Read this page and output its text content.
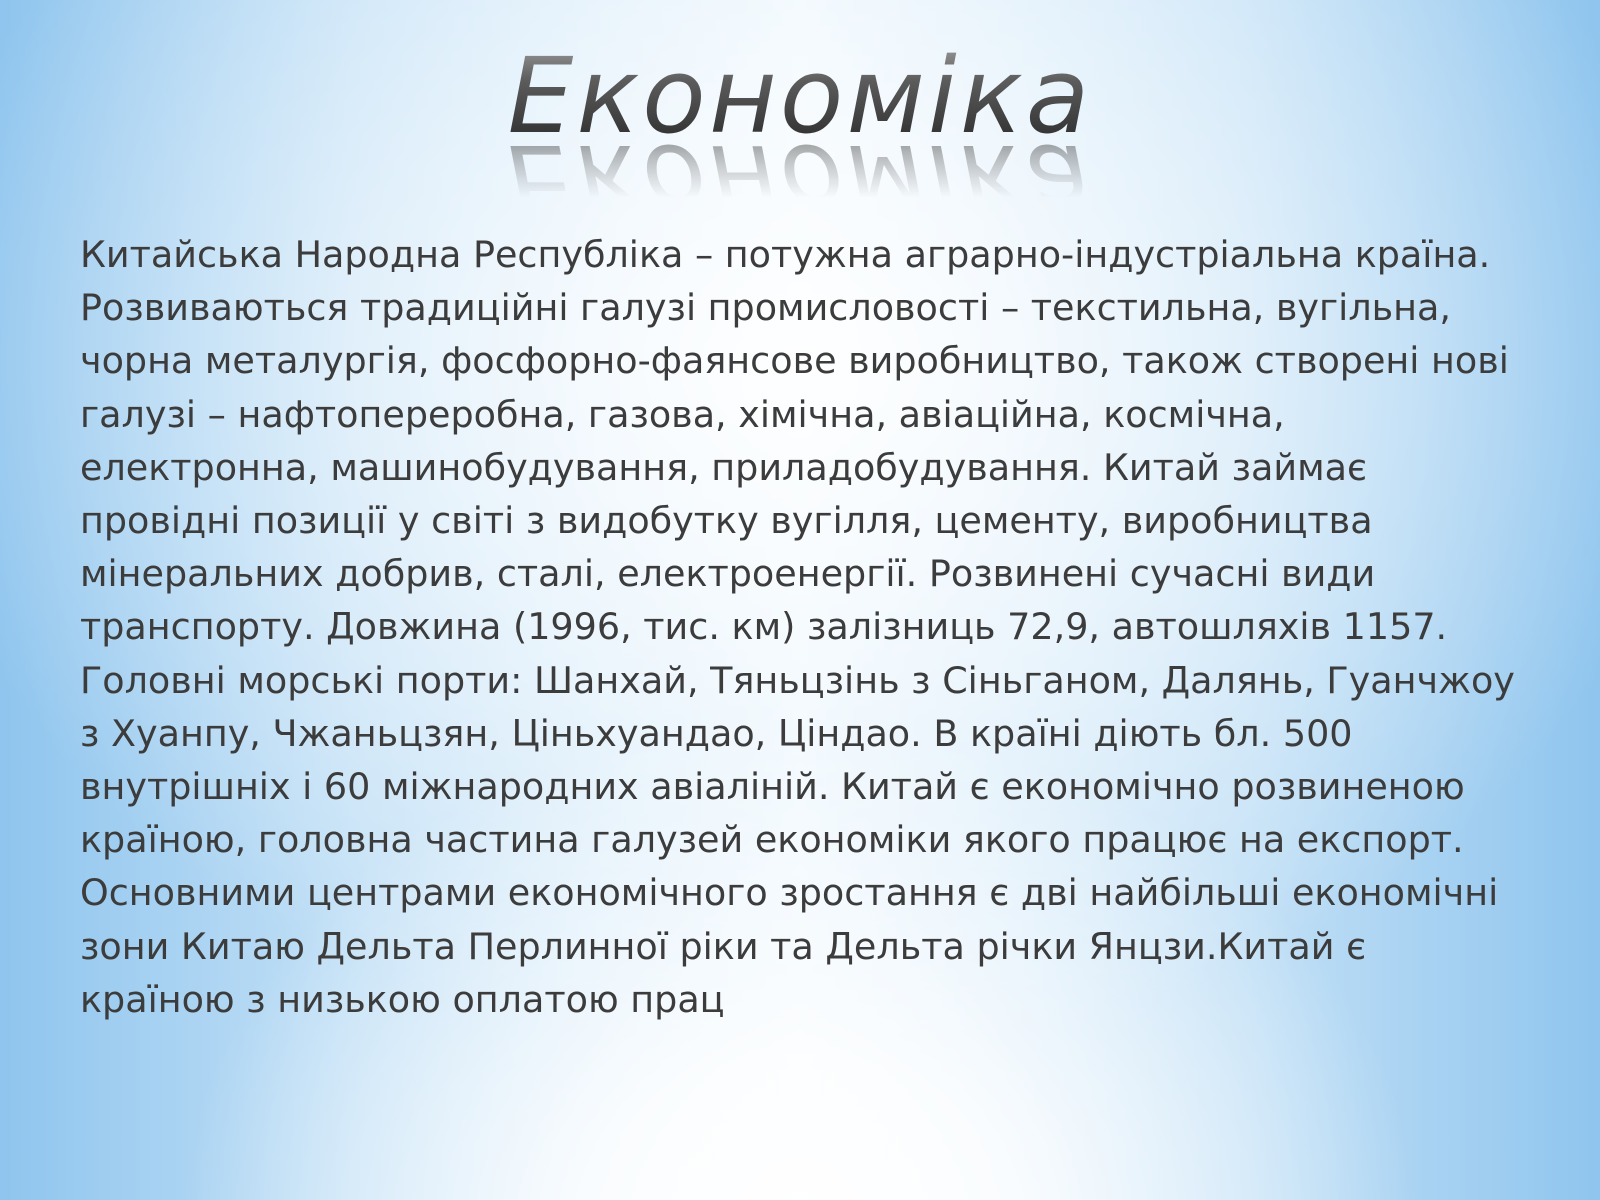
Економіка

Китайська Народна Республіка – потужна аграрно-індустріальна країна. Розвиваються традиційні галузі промисловості – текстильна, вугільна, чорна металургія, фосфорно-фаянсове виробництво, також створені нові галузі – нафтопереробна, газова, хімічна, авіаційна, космічна, електронна, машинобудування, приладобудування. Китай займає провідні позиції у світі з видобутку вугілля, цементу, виробництва мінеральних добрив, сталі, електроенергії. Розвинені сучасні види транспорту. Довжина (1996, тис. км) залізниць 72,9, автошляхів 1157. Головні морські порти: Шанхай, Тяньцзінь з Сіньганом, Далянь, Гуанчжоу з Хуанпу, Чжаньцзян, Ціньхуандао, Ціндао. В країні діють бл. 500 внутрішніх і 60 міжнародних авіаліній. Китай є економічно розвиненою країною, головна частина галузей економіки якого працює на експорт. Основними центрами економічного зростання є дві найбільші економічні зони Китаю Дельта Перлинної ріки та Дельта річки Янцзи.Китай є країною з низькою оплатою прац
